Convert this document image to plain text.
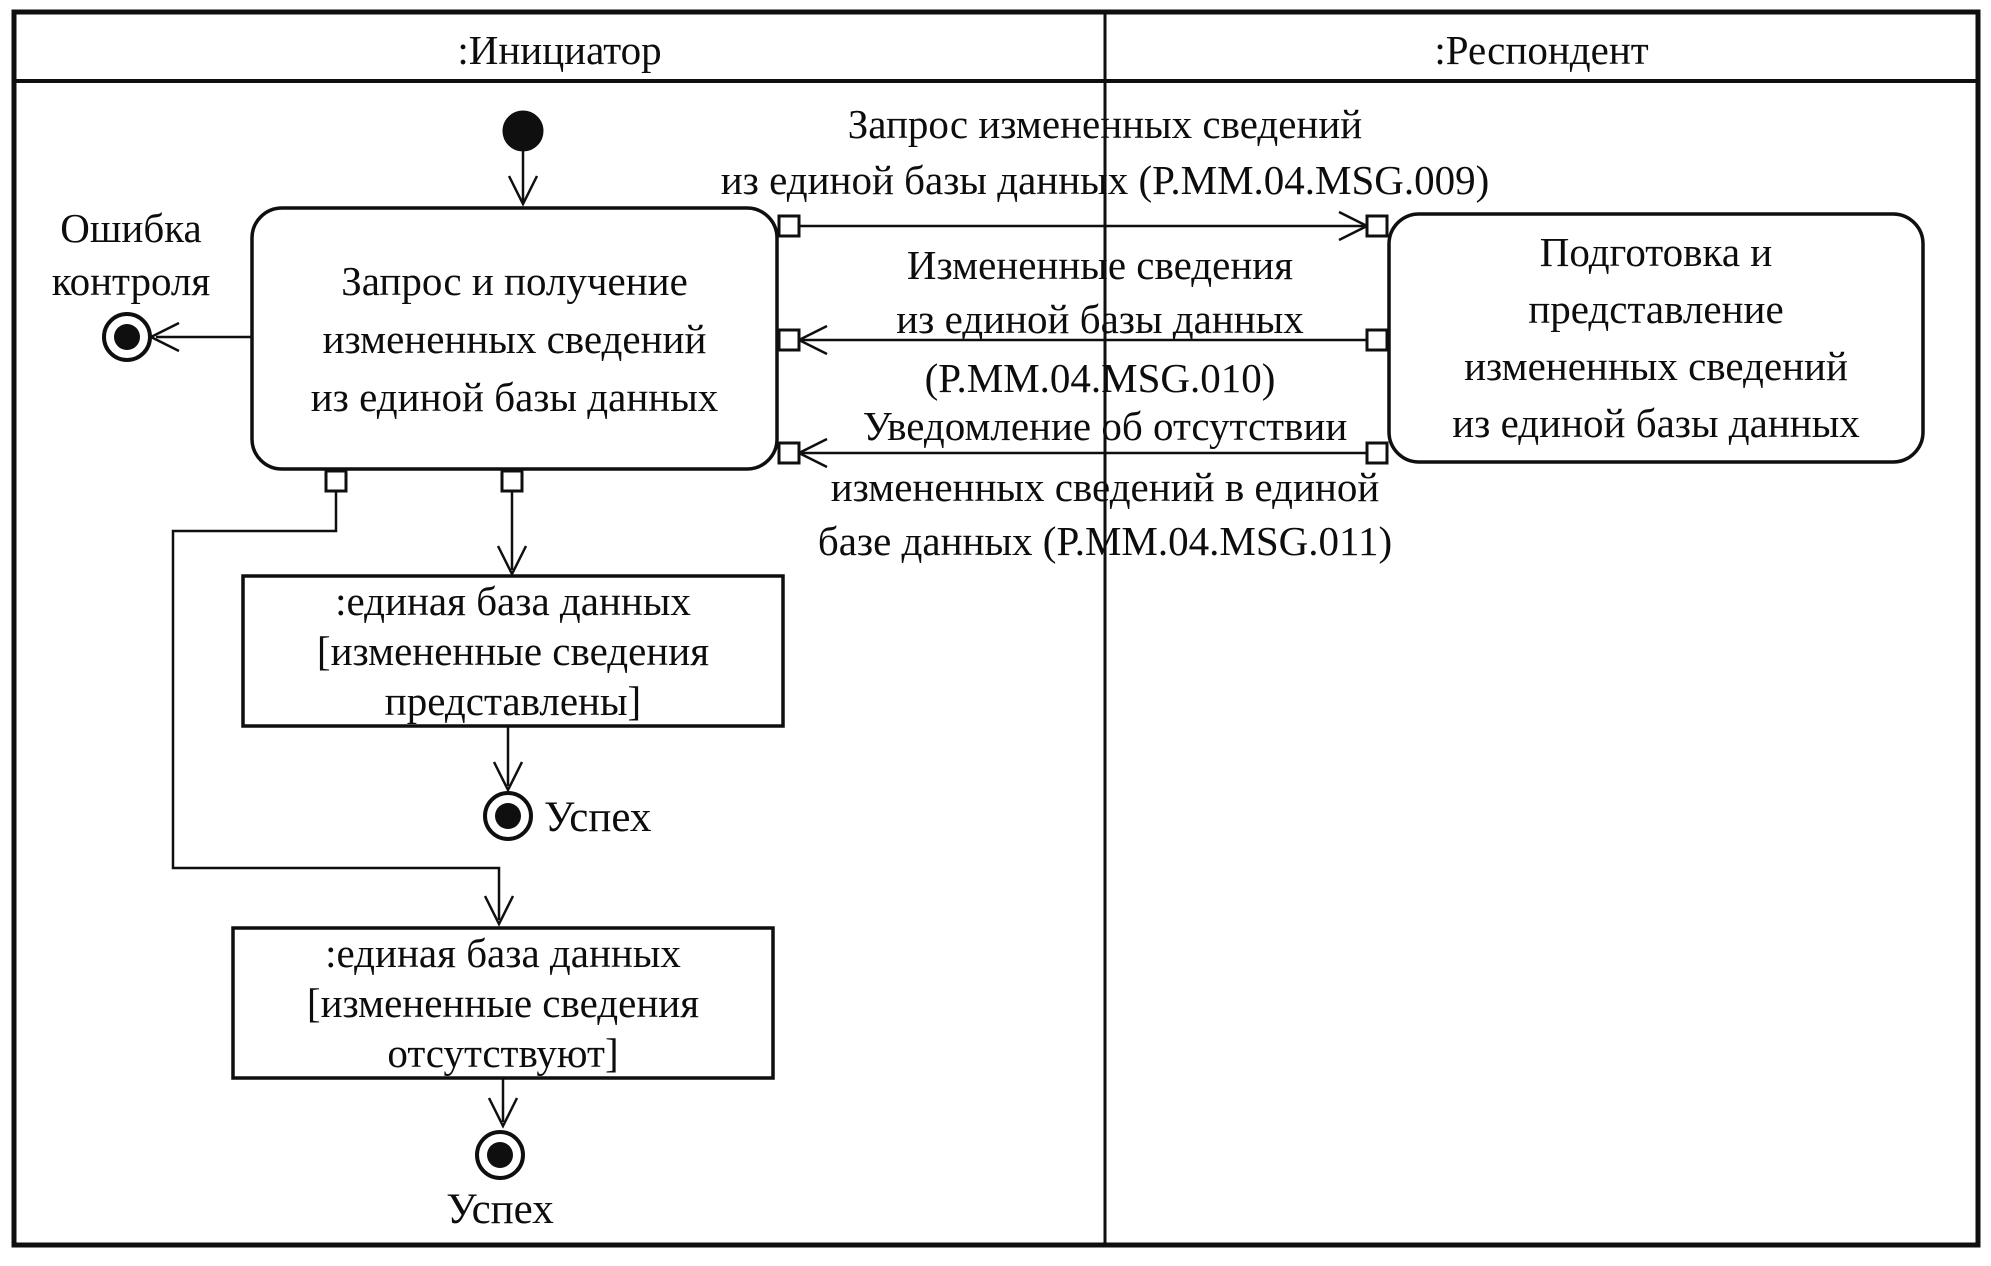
:Инициатор	:Респондент
Запрос и получение
измененных сведений
из единой базы данных
Подготовка и
представление
измененных сведений
из единой базы данных
Ошибка
контроля
Запрос измененных сведений
из единой базы данных (P.MM.04.MSG.009)
Измененные сведения
из единой базы данных
(P.MM.04.MSG.010)
Уведомление об отсутствии
измененных сведений в единой
базе данных (P.MM.04.MSG.011)
:единая база данных
[измененные сведения
представлены]
:единая база данных
[измененные сведения
отсутствуют]
Успех
Успех
